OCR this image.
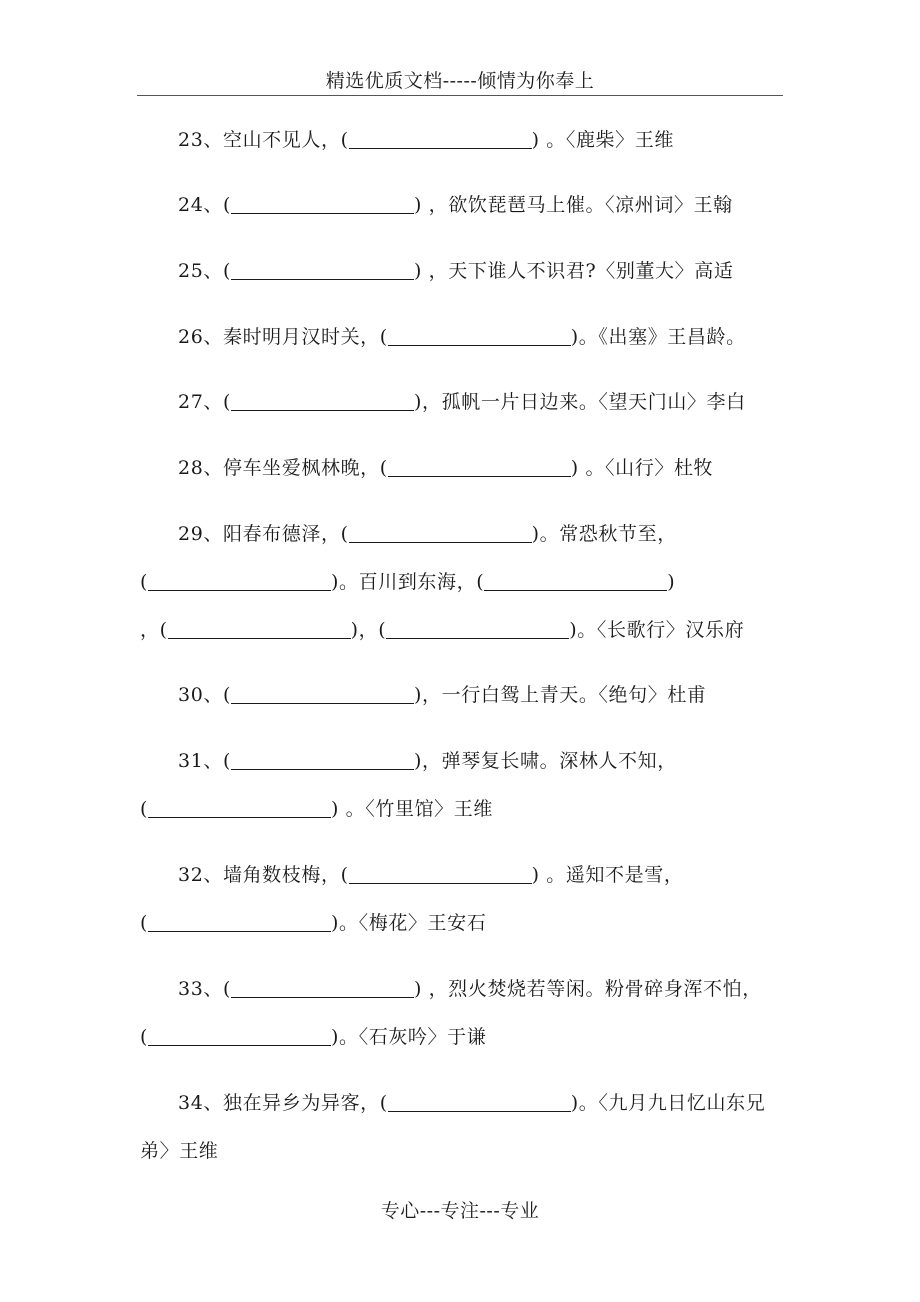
精选优质文档-----倾情为你奉上
23、空山不见人，(	) 。〈鹿柴〉王维
24、(	) ，欲饮琵琶马上催。〈凉州词〉王翰
25、(	) ，天下谁人不识君?〈别董大〉高适
26、秦时明月汉时关，(	)。《出塞》王昌龄。
27、(	)，孤帆一片日边来。〈望天门山〉李白
28、停车坐爱枫林晚，(	) 。〈山行〉杜牧
29、阳春布德泽，(	)。常恐秋节至，
(	)。百川到东海，(	)
，(	)，(	)。〈长歌行〉汉乐府
30、(	)，一行白鸳上青天。〈绝句〉杜甫
31、(	)，弹琴复长啸。深林人不知，
(	) 。〈竹里馆〉王维
32、墙角数枝梅，(	) 。遥知不是雪，
(	)。〈梅花〉王安石
33、(	) ，烈火焚烧若等闲。粉骨碎身浑不怕，
(	)。〈石灰吟〉于谦
34、独在异乡为异客，(	)。〈九月九日忆山东兄
弟〉王维
专心---专注---专业
